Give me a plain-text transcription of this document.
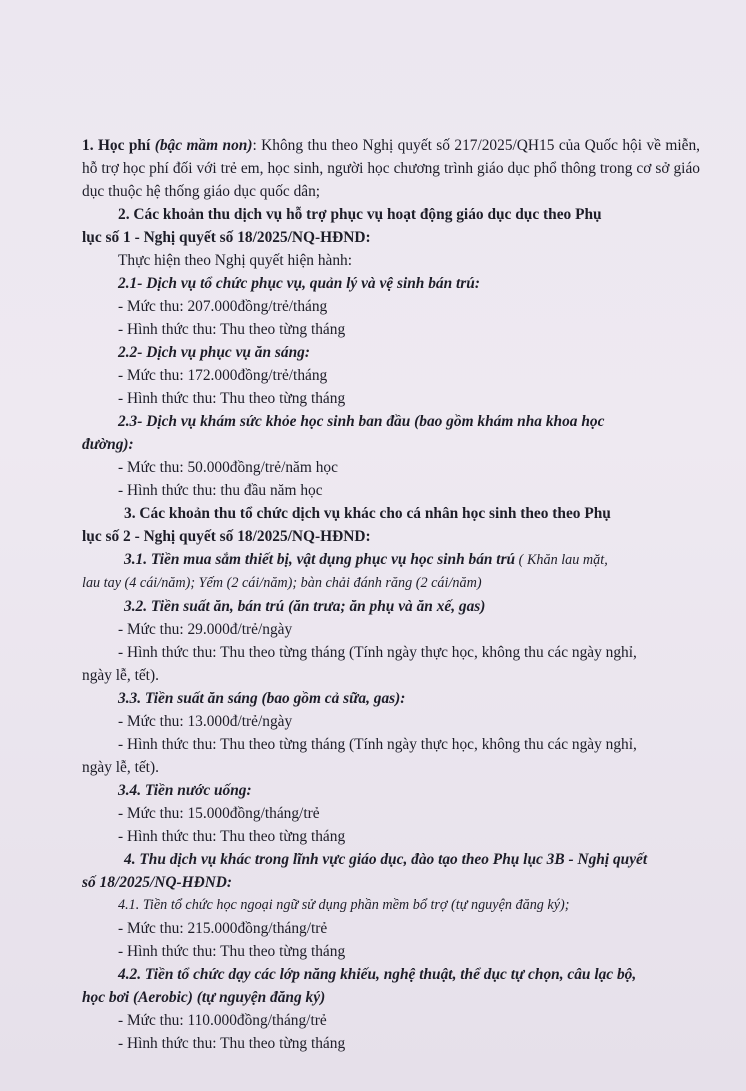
1. Học phí (bậc mầm non): Không thu theo Nghị quyết số 217/2025/QH15 của Quốc hội về miễn, hỗ trợ học phí đối với trẻ em, học sinh, người học chương trình giáo dục phổ thông trong cơ sở giáo dục thuộc hệ thống giáo dục quốc dân;

2. Các khoản thu dịch vụ hỗ trợ phục vụ hoạt động giáo dục dục theo Phụ

lục số 1 - Nghị quyết số 18/2025/NQ-HĐND:

Thực hiện theo Nghị quyết hiện hành:

2.1- Dịch vụ tổ chức phục vụ, quản lý và vệ sinh bán trú:

- Mức thu: 207.000đồng/trẻ/tháng

- Hình thức thu: Thu theo từng tháng

2.2- Dịch vụ phục vụ ăn sáng:

- Mức thu: 172.000đồng/trẻ/tháng

- Hình thức thu: Thu theo từng tháng

2.3- Dịch vụ khám sức khỏe học sinh ban đầu (bao gồm khám nha khoa học

đường):

- Mức thu: 50.000đồng/trẻ/năm học

- Hình thức thu: thu đầu năm học

3. Các khoản thu tổ chức dịch vụ khác cho cá nhân học sinh theo theo Phụ

lục số 2 - Nghị quyết số 18/2025/NQ-HĐND:

3.1. Tiền mua sắm thiết bị, vật dụng phục vụ học sinh bán trú ( Khăn lau mặt,

lau tay (4 cái/năm); Yếm (2 cái/năm); bàn chải đánh răng (2 cái/năm)

3.2. Tiền suất ăn, bán trú (ăn trưa; ăn phụ và ăn xế, gas)

- Mức thu: 29.000đ/trẻ/ngày

- Hình thức thu: Thu theo từng tháng (Tính ngày thực học, không thu các ngày nghỉ,

ngày lễ, tết).

3.3. Tiền suất ăn sáng (bao gồm cả sữa, gas):

- Mức thu: 13.000đ/trẻ/ngày

- Hình thức thu: Thu theo từng tháng (Tính ngày thực học, không thu các ngày nghỉ,

ngày lễ, tết).

3.4. Tiền nước uống:

- Mức thu: 15.000đồng/tháng/trẻ

- Hình thức thu: Thu theo từng tháng

4. Thu dịch vụ khác trong lĩnh vực giáo dục, đào tạo theo Phụ lục 3B - Nghị quyết

số 18/2025/NQ-HĐND:

4.1. Tiền tổ chức học ngoại ngữ sử dụng phần mềm bổ trợ (tự nguyện đăng ký);

- Mức thu: 215.000đồng/tháng/trẻ

- Hình thức thu: Thu theo từng tháng

4.2. Tiền tổ chức dạy các lớp năng khiếu, nghệ thuật, thể dục tự chọn, câu lạc bộ,

học bơi (Aerobic) (tự nguyện đăng ký)

- Mức thu: 110.000đồng/tháng/trẻ

- Hình thức thu: Thu theo từng tháng
